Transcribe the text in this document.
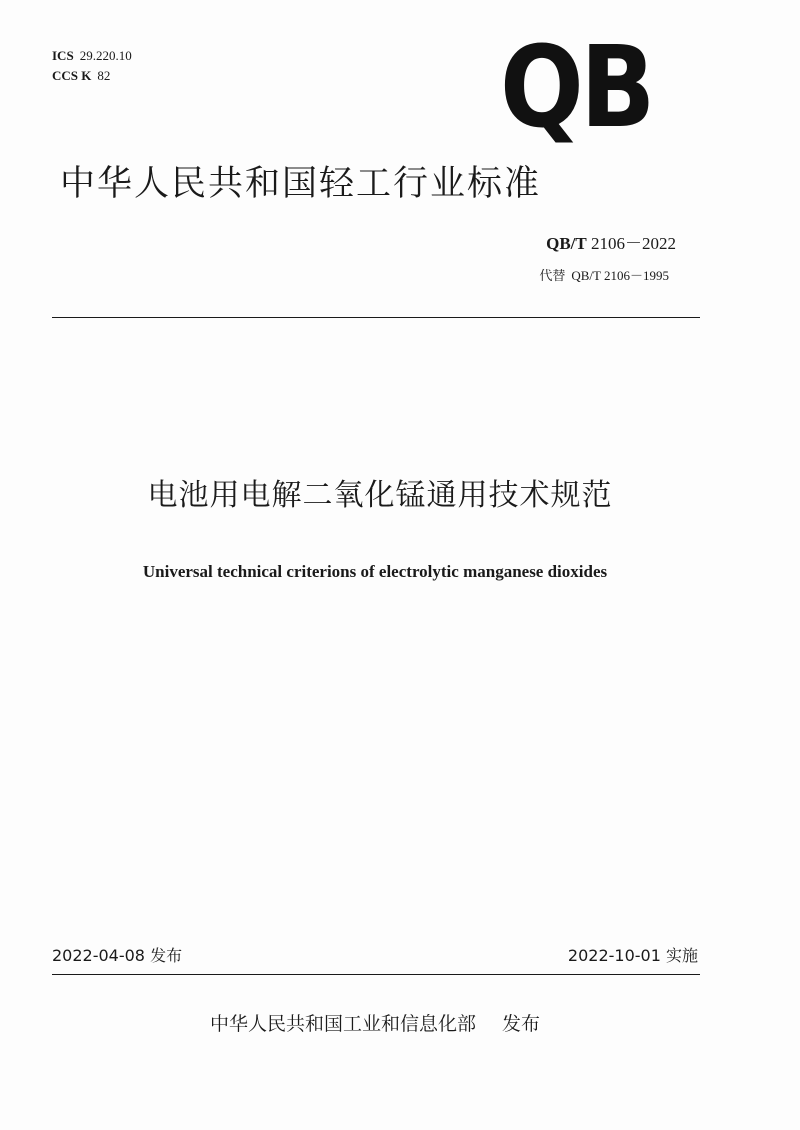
ICS 29.220.10
CCS K 82	QB
中华人民共和国轻工行业标准
QB/T 2106－2022
代替 QB/T 2106－1995
电池用电解二氧化锰通用技术规范
Universal technical criterions of electrolytic manganese dioxides
2022-04-08 发布	2022-10-01 实施
中华人民共和国工业和信息化部 发布
